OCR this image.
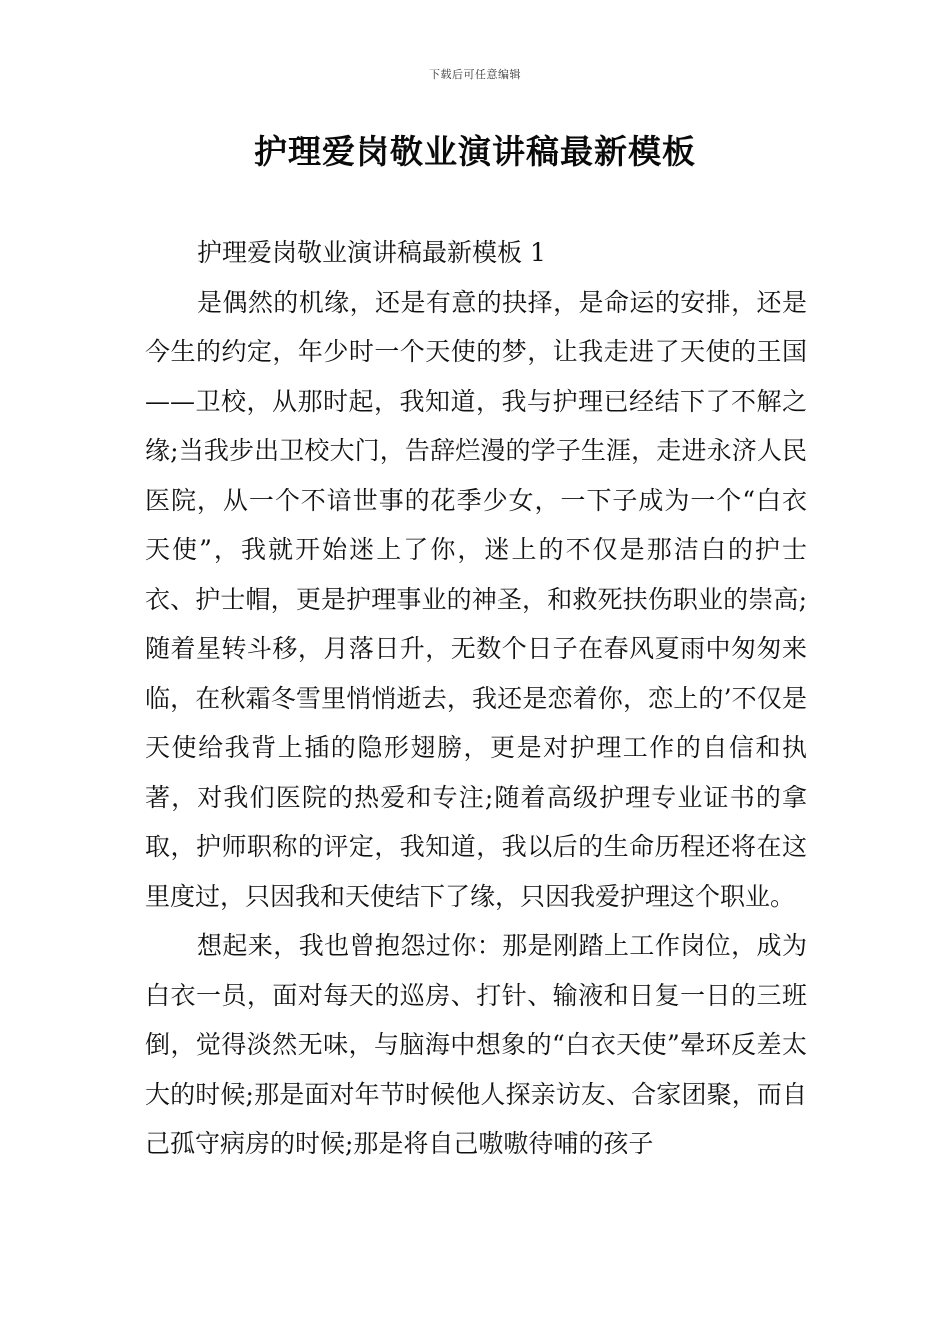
下载后可任意编辑
护理爱岗敬业演讲稿最新模板

护理爱岗敬业演讲稿最新模板 1

是偶然的机缘，还是有意的抉择，是命运的安排，还是今生的约定，年少时一个天使的梦，让我走进了天使的王国——卫校，从那时起，我知道，我与护理已经结下了不解之缘;当我步出卫校大门，告辞烂漫的学子生涯，走进永济人民医院，从一个不谙世事的花季少女，一下子成为一个“白衣天使”，我就开始迷上了你，迷上的不仅是那洁白的护士衣、护士帽，更是护理事业的神圣，和救死扶伤职业的崇高;随着星转斗移，月落日升，无数个日子在春风夏雨中匆匆来临，在秋霜冬雪里悄悄逝去，我还是恋着你，恋上的’不仅是天使给我背上插的隐形翅膀，更是对护理工作的自信和执著，对我们医院的热爱和专注;随着高级护理专业证书的拿取，护师职称的评定，我知道，我以后的生命历程还将在这里度过，只因我和天使结下了缘，只因我爱护理这个职业。

想起来，我也曾抱怨过你：那是刚踏上工作岗位，成为白衣一员，面对每天的巡房、打针、输液和日复一日的三班倒，觉得淡然无味，与脑海中想象的“白衣天使”晕环反差太大的时候;那是面对年节时候他人探亲访友、合家团聚，而自己孤守病房的时候;那是将自己嗷嗷待哺的孩子
